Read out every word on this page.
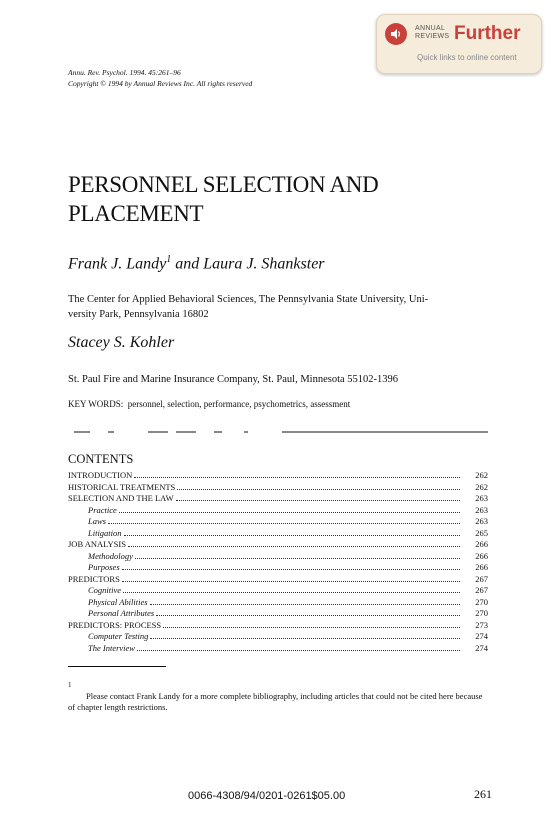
ANNUAL
REVIEWS Further
Quick links to online content
Annu. Rev. Psychol. 1994. 45:261–96
Copyright © 1994 by Annual Reviews Inc. All rights reserved
PERSONNEL SELECTION AND
PLACEMENT
Frank J. Landy$^1$ and Laura J. Shankster
The Center for Applied Behavioral Sciences, The Pennsylvania State University, Uni-
versity Park, Pennsylvania 16802
Stacey S. Kohler
St. Paul Fire and Marine Insurance Company, St. Paul, Minnesota 55102-1396
KEY WORDS: personnel, selection, performance, psychometrics, assessment
CONTENTS
INTRODUCTION	262
HISTORICAL TREATMENTS	262
SELECTION AND THE LAW	263
Practice	263
Laws	263
Litigation	265
JOB ANALYSIS	266
Methodology	266
Purposes	266
PREDICTORS	267
Cognitive	267
Physical Abilities	270
Personal Attributes	270
PREDICTORS: PROCESS	273
Computer Testing	274
The Interview	274
1
Please contact Frank Landy for a more complete bibliography, including articles that could not be cited here because of chapter length restrictions.
0066-4308/94/0201-0261$05.00	261
